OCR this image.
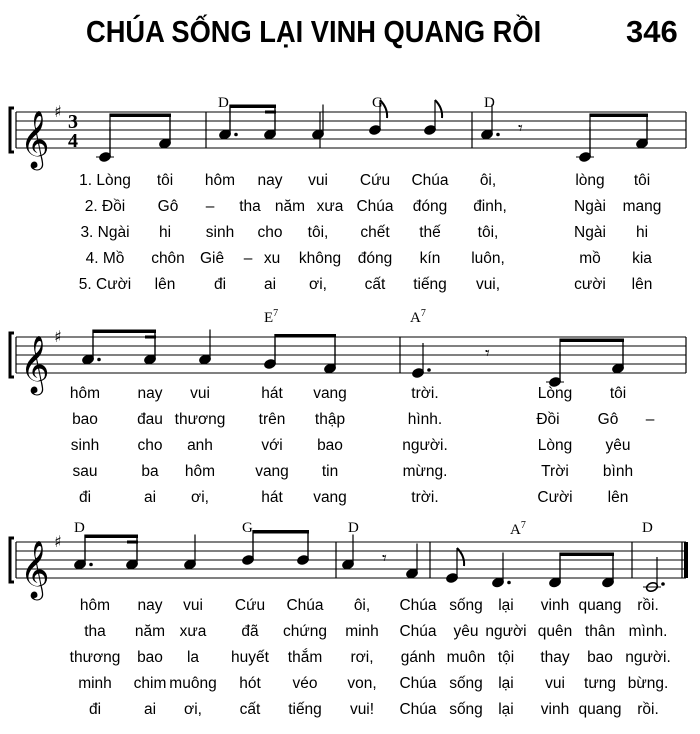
CHÚA SỐNG LẠI VINH QUANG RỒI	346
𝄞 ♯ 3
4
𝄾
𝄞 ♯
𝄾
𝄞 ♯
𝄾
D	G	D
1. Lòng tôi hôm nay vui Cứu Chúa ôi,	lòng tôi
2. Đồi Gô – tha năm xưa Chúa đóng đinh,	Ngài mang
3. Ngài hi sinh cho tôi, chết thế tôi,	Ngài hi
4. Mồ chôn Giê – xu không đóng kín luôn,	mồ kia
5. Cười lên đi ai ơi, cất tiếng vui,	cười lên
$E^7$	$A^7$
hôm nay vui	hát vang	trời.	Lòng tôi
bao	đau thương trên thập	hình.	Đồi Gô –
sinh cho anh	với bao	người.	Lòng yêu
sau	ba hôm	vang tin	mừng.	Trời bình
đi	ai ơi,	hát vang	trời.	Cười lên
D	G	D	$A^7$	D
hôm nay vui Cứu Chúa ôi, Chúa sống lại vinh quang rồi.
tha năm xưa đã chứng minh Chúa yêu người quên thân mình.
thương bao la huyết thắm rơi, gánh muôn tội thay bao người.
minh chim muông hót véo von, Chúa sống lại vui tưng bừng.
đi	ai ơi, cất tiếng vui! Chúa sống lại vinh quang rồi.
